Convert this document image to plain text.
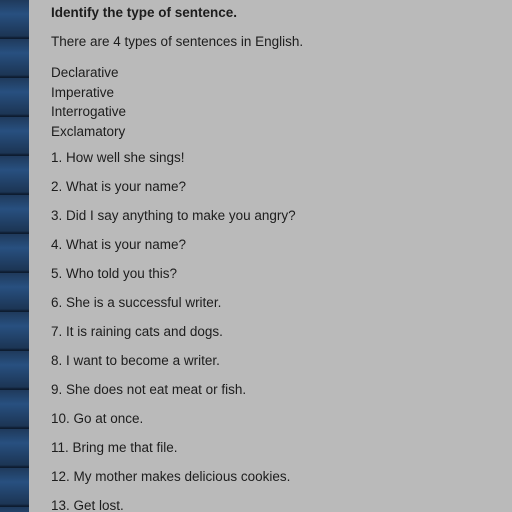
Identify the type of sentence.
There are 4 types of sentences in English.
Declarative
Imperative
Interrogative
Exclamatory
1. How well she sings!
2. What is your name?
3. Did I say anything to make you angry?
4. What is your name?
5. Who told you this?
6. She is a successful writer.
7. It is raining cats and dogs.
8. I want to become a writer.
9. She does not eat meat or fish.
10. Go at once.
11. Bring me that file.
12. My mother makes delicious cookies.
13. Get lost.
